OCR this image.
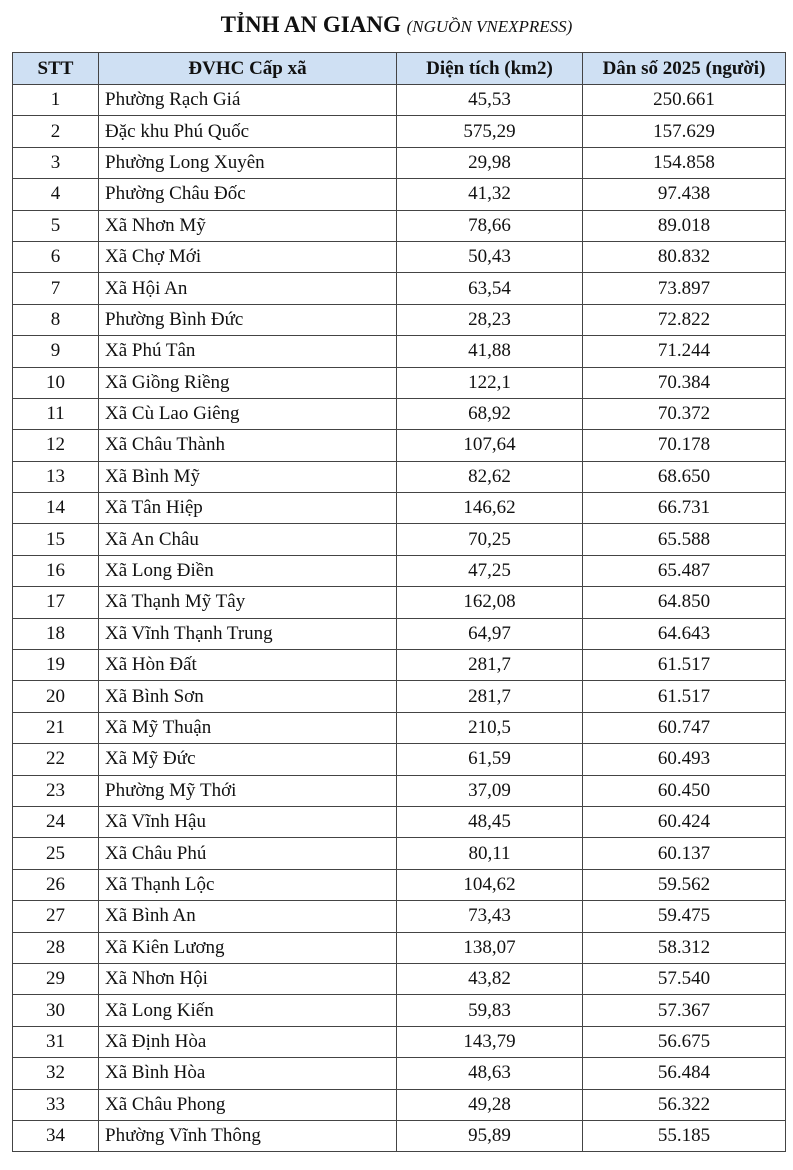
TỈNH AN GIANG (NGUỒN VNEXPRESS)
STT	ĐVHC Cấp xã	Diện tích (km2)	Dân số 2025 (người)
1	Phường Rạch Giá	45,53	250.661
2	Đặc khu Phú Quốc	575,29	157.629
3	Phường Long Xuyên	29,98	154.858
4	Phường Châu Đốc	41,32	97.438
5	Xã Nhơn Mỹ	78,66	89.018
6	Xã Chợ Mới	50,43	80.832
7	Xã Hội An	63,54	73.897
8	Phường Bình Đức	28,23	72.822
9	Xã Phú Tân	41,88	71.244
10	Xã Giồng Riềng	122,1	70.384
11	Xã Cù Lao Giêng	68,92	70.372
12	Xã Châu Thành	107,64	70.178
13	Xã Bình Mỹ	82,62	68.650
14	Xã Tân Hiệp	146,62	66.731
15	Xã An Châu	70,25	65.588
16	Xã Long Điền	47,25	65.487
17	Xã Thạnh Mỹ Tây	162,08	64.850
18	Xã Vĩnh Thạnh Trung	64,97	64.643
19	Xã Hòn Đất	281,7	61.517
20	Xã Bình Sơn	281,7	61.517
21	Xã Mỹ Thuận	210,5	60.747
22	Xã Mỹ Đức	61,59	60.493
23	Phường Mỹ Thới	37,09	60.450
24	Xã Vĩnh Hậu	48,45	60.424
25	Xã Châu Phú	80,11	60.137
26	Xã Thạnh Lộc	104,62	59.562
27	Xã Bình An	73,43	59.475
28	Xã Kiên Lương	138,07	58.312
29	Xã Nhơn Hội	43,82	57.540
30	Xã Long Kiến	59,83	57.367
31	Xã Định Hòa	143,79	56.675
32	Xã Bình Hòa	48,63	56.484
33	Xã Châu Phong	49,28	56.322
34	Phường Vĩnh Thông	95,89	55.185
